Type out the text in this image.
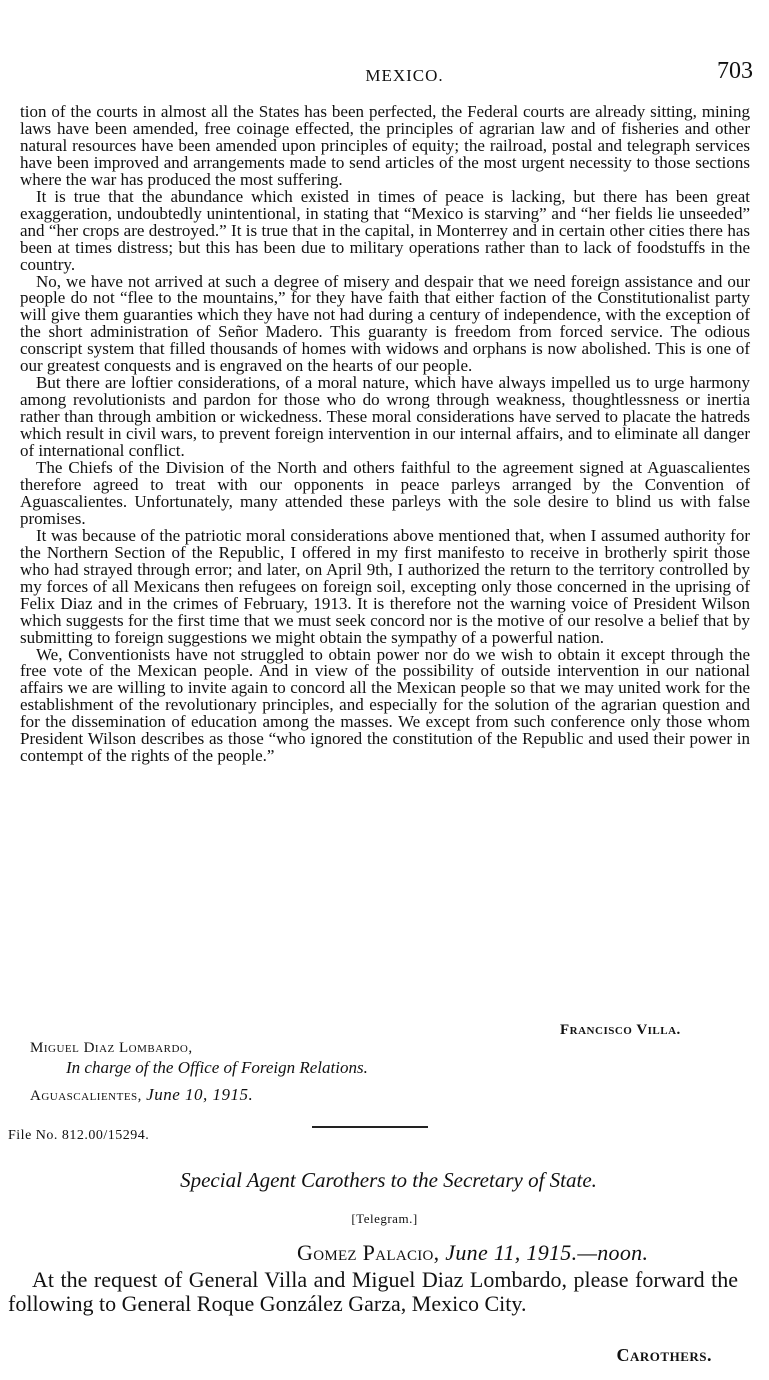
MEXICO.	703

tion of the courts in almost all the States has been perfected, the Federal courts are already sitting, mining laws have been amended, free coinage effected, the principles of agrarian law and of fisheries and other natural resources have been amended upon principles of equity; the railroad, postal and telegraph services have been improved and arrangements made to send articles of the most urgent necessity to those sections where the war has produced the most suffering.

It is true that the abundance which existed in times of peace is lacking, but there has been great exaggeration, undoubtedly unintentional, in stating that “Mexico is starving” and “her fields lie unseeded” and “her crops are destroyed.” It is true that in the capital, in Monterrey and in certain other cities there has been at times distress; but this has been due to military operations rather than to lack of foodstuffs in the country.

No, we have not arrived at such a degree of misery and despair that we need foreign assistance and our people do not “flee to the mountains,” for they have faith that either faction of the Constitutionalist party will give them guaranties which they have not had during a century of independence, with the exception of the short administration of Señor Madero. This guaranty is freedom from forced service. The odious conscript system that filled thousands of homes with widows and orphans is now abolished. This is one of our greatest conquests and is engraved on the hearts of our people.

But there are loftier considerations, of a moral nature, which have always impelled us to urge harmony among revolutionists and pardon for those who do wrong through weakness, thoughtlessness or inertia rather than through ambition or wickedness. These moral considerations have served to placate the hatreds which result in civil wars, to prevent foreign intervention in our internal affairs, and to eliminate all danger of international conflict.

The Chiefs of the Division of the North and others faithful to the agreement signed at Aguascalientes therefore agreed to treat with our opponents in peace parleys arranged by the Convention of Aguascalientes. Unfortunately, many attended these parleys with the sole desire to blind us with false promises.

It was because of the patriotic moral considerations above mentioned that, when I assumed authority for the Northern Section of the Republic, I offered in my first manifesto to receive in brotherly spirit those who had strayed through error; and later, on April 9th, I authorized the return to the territory controlled by my forces of all Mexicans then refugees on foreign soil, excepting only those concerned in the uprising of Felix Diaz and in the crimes of February, 1913. It is therefore not the warning voice of President Wilson which suggests for the first time that we must seek concord nor is the motive of our resolve a belief that by submitting to foreign suggestions we might obtain the sympathy of a powerful nation.

We, Conventionists have not struggled to obtain power nor do we wish to obtain it except through the free vote of the Mexican people. And in view of the possibility of outside intervention in our national affairs we are willing to invite again to concord all the Mexican people so that we may united work for the establishment of the revolutionary principles, and especially for the solution of the agrarian question and for the dissemination of education among the masses. We except from such conference only those whom President Wilson describes as those “who ignored the constitution of the Republic and used their power in contempt of the rights of the people.”

Francisco Villa.
Miguel Diaz Lombardo,
In charge of the Office of Foreign Relations.
Aguascalientes, June 10, 1915.
File No. 812.00/15294.
Special Agent Carothers to the Secretary of State.
[Telegram.]
Gomez Palacio, June 11, 1915.—noon.

At the request of General Villa and Miguel Diaz Lombardo, please forward the following to General Roque González Garza, Mexico City.

Carothers.
